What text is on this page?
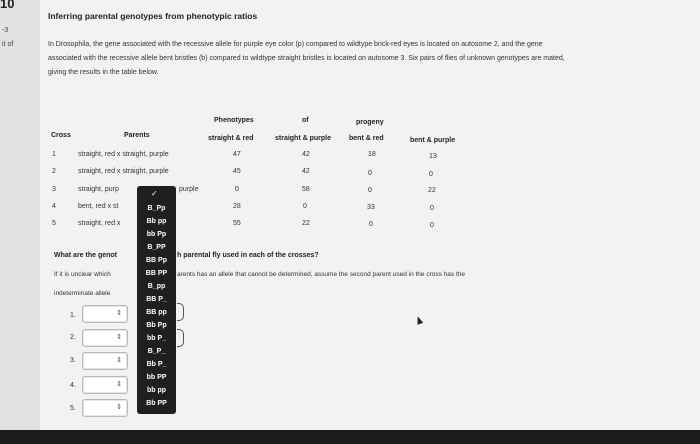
10
-3
it of
Inferring parental genotypes from phenotypic ratios
In Drosophila, the gene associated with the recessive allele for purple eye color (p) compared to wildtype brick-red eyes is located on autosome 2, and the gene associated with the recessive allele bent bristles (b) compared to wildtype straight bristles is located on autosome 3. Six pairs of flies of unknown genotypes are mated, giving the results in the table below.
Phenotypes	of	progeny
Cross	Parents	straight & red	straight & purple	bent & red	bent & purple
1	straight, red x straight, purple	47	42	18	13
2	straight, red x straight, purple	45	42	0	0
3	straight, purp	purple	0	58	0	22
4	bent, red x st	28	0	33	0
5	straight, red x	55	22	0	0
What are the genot	h parental fly used in each of the crosses?
If it is unclear which	arents has an allele that cannot be determined, assume the second parent used in the cross has the
indeterminate allele
1.	⇕
2.	⇕
3.	⇕
4.	⇕
5.	⇕
✓
B_Pp
Bb pp
bb Pp
B_PP
BB Pp
BB PP
B_pp
BB P_
BB pp
Bb Pp
bb P_
B_P_
Bb P_
bb PP
bb pp
Bb PP
